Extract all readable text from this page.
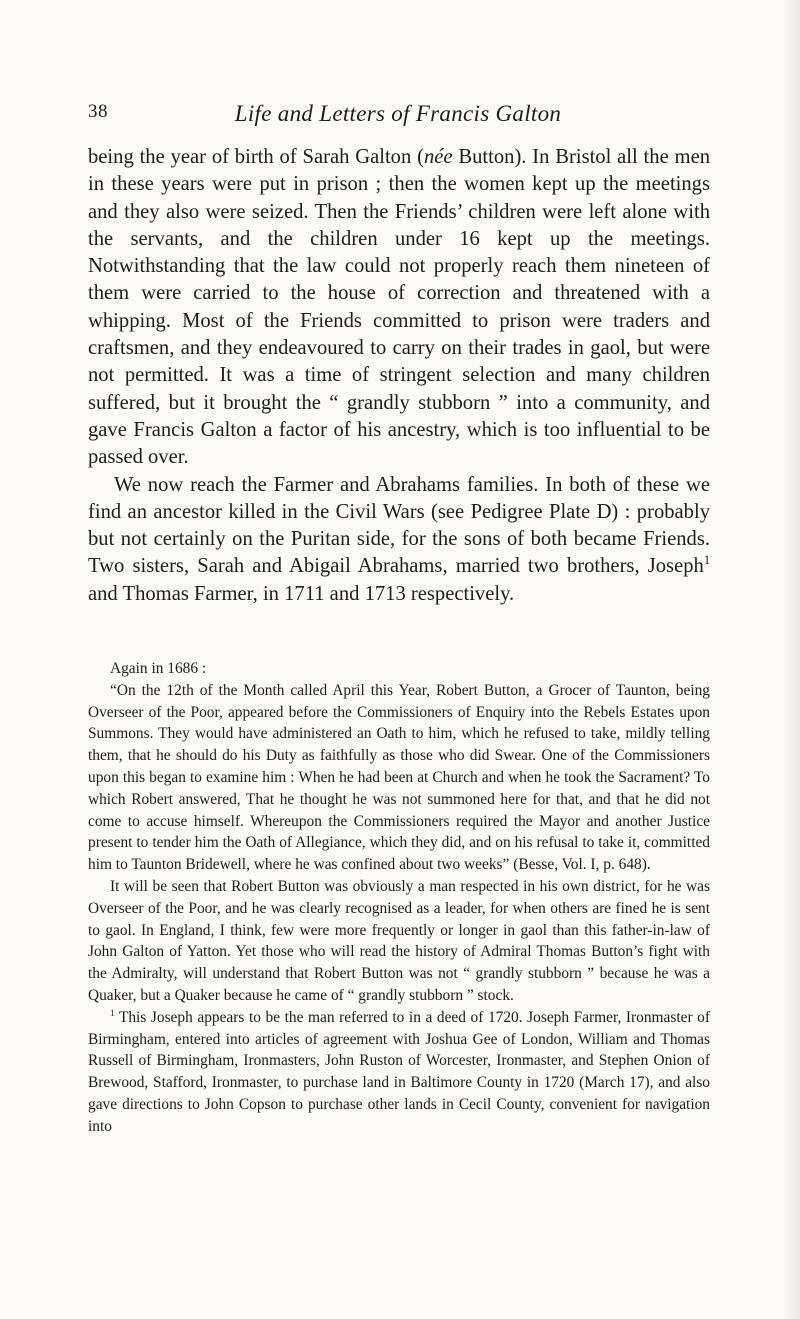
38	Life and Letters of Francis Galton

being the year of birth of Sarah Galton (née Button). In Bristol all the men in these years were put in prison ; then the women kept up the meetings and they also were seized. Then the Friends’ children were left alone with the servants, and the children under 16 kept up the meetings. Notwithstanding that the law could not properly reach them nineteen of them were carried to the house of correction and threatened with a whipping. Most of the Friends committed to prison were traders and craftsmen, and they endeavoured to carry on their trades in gaol, but were not permitted. It was a time of stringent selection and many children suffered, but it brought the “ grandly stubborn ” into a community, and gave Francis Galton a factor of his ancestry, which is too influential to be passed over.

We now reach the Farmer and Abrahams families. In both of these we find an ancestor killed in the Civil Wars (see Pedigree Plate D) : probably but not certainly on the Puritan side, for the sons of both became Friends. Two sisters, Sarah and Abigail Abrahams, married two brothers, Joseph$^1$ and Thomas Farmer, in 1711 and 1713 respectively.

Again in 1686 :

“On the 12th of the Month called April this Year, Robert Button, a Grocer of Taunton, being Overseer of the Poor, appeared before the Commissioners of Enquiry into the Rebels Estates upon Summons. They would have administered an Oath to him, which he refused to take, mildly telling them, that he should do his Duty as faithfully as those who did Swear. One of the Commissioners upon this began to examine him : When he had been at Church and when he took the Sacrament? To which Robert answered, That he thought he was not summoned here for that, and that he did not come to accuse himself. Whereupon the Commissioners required the Mayor and another Justice present to tender him the Oath of Allegiance, which they did, and on his refusal to take it, committed him to Taunton Bridewell, where he was confined about two weeks” (Besse, Vol. I, p. 648).

It will be seen that Robert Button was obviously a man respected in his own district, for he was Overseer of the Poor, and he was clearly recognised as a leader, for when others are fined he is sent to gaol. In England, I think, few were more frequently or longer in gaol than this father-in-law of John Galton of Yatton. Yet those who will read the history of Admiral Thomas Button’s fight with the Admiralty, will understand that Robert Button was not “ grandly stubborn ” because he was a Quaker, but a Quaker because he came of “ grandly stubborn ” stock.

$^1$ This Joseph appears to be the man referred to in a deed of 1720. Joseph Farmer, Ironmaster of Birmingham, entered into articles of agreement with Joshua Gee of London, William and Thomas Russell of Birmingham, Ironmasters, John Ruston of Worcester, Ironmaster, and Stephen Onion of Brewood, Stafford, Ironmaster, to purchase land in Baltimore County in 1720 (March 17), and also gave directions to John Copson to purchase other lands in Cecil County, convenient for navigation into
